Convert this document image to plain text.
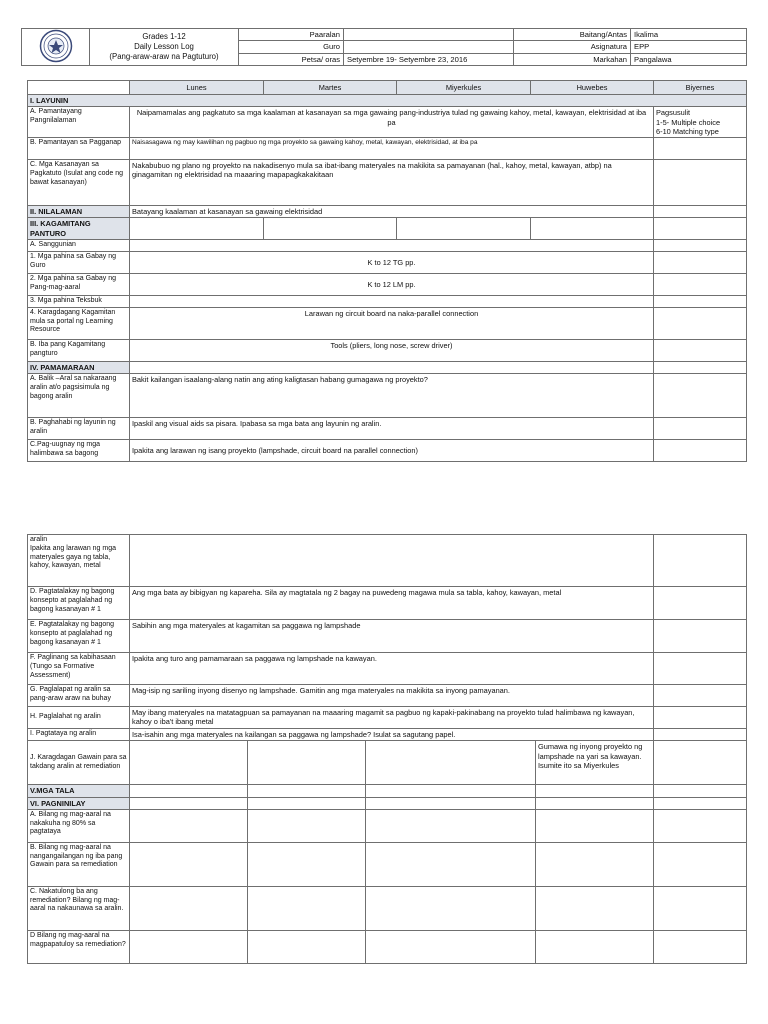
Grades 1-12
Daily Lesson Log
(Pang-araw-araw na Pagtuturo)	Paaralan		Baitang/Antas	Ikalima
		Guro		Asignatura	EPP
		Petsa/ oras	Setyembre 19- Setyembre 23, 2016	Markahan	Pangalawa
	Lunes	Martes	Miyerkules	Huwebes	Biyernes
I. LAYUNIN					
A. Pamantayang Pangnilalaman	Naipamamalas ang pagkatuto sa mga kaalaman at kasanayan sa mga gawaing pang-industriya tulad ng gawaing kahoy, metal, kawayan, elektrisidad at iba pa				Pagsusulit
1-5- Multiple choice
6-10 Matching type
B. Pamantayan sa Pagganap	Naisasagawa ng may kawilihan ng pagbuo ng mga proyekto sa gawaing kahoy, metal, kawayan, elektrisidad, at iba pa				
C. Mga Kasanayan sa Pagkatuto (Isulat ang code ng bawat kasanayan)	Nakabubuo ng plano ng proyekto na nakadisenyo mula sa ibat-ibang materyales na makikita sa pamayanan (hal., kahoy, metal, kawayan, atbp) na ginagamitan ng elektrisidad na maaaring mapapagkakakitaan				
II. NILALAMAN	Batayang kaalaman at kasanayan sa gawaing elektrisidad				
III. KAGAMITANG PANTURO					
A. Sanggunian					
1. Mga pahina sa Gabay ng Guro	K to 12 TG pp.				
2. Mga pahina sa Gabay ng Pang-mag-aaral	K to 12 LM pp.				
3. Mga pahina Teksbuk					
4. Karagdagang Kagamitan mula sa portal ng Learning Resource	Larawan ng circuit board na naka-parallel connection				
B. Iba pang Kagamitang pangturo	Tools (pliers, long nose, screw driver)				
IV. PAMAMARAAN					
A. Balik –Aral sa nakaraang aralin at/o pagsisimula ng bagong aralin	Bakit kailangan isaalang-alang natin ang ating kaligtasan habang gumagawa ng proyekto?				
B. Paghahabi ng layunin ng aralin	Ipaskil ang visual aids sa pisara. Ipabasa sa mga bata ang layunin ng aralin.				
C.Pag-uugnay ng mga halimbawa sa bagong	Ipakita ang larawan ng isang proyekto (lampshade, circuit board na parallel connection)				
aralin
Ipakita ang larawan ng mga materyales gaya ng tabla, kahoy, kawayan, metal					
D. Pagtatalakay ng bagong konsepto at paglalahad ng bagong kasanayan # 1	Ang mga bata ay bibigyan ng kapareha. Sila ay magtatala ng 2 bagay na puwedeng magawa mula sa tabla, kahoy, kawayan, metal				
E. Pagtatalakay ng bagong konsepto at paglalahad ng bagong kasanayan # 1	Sabihin ang mga materyales at kagamitan sa paggawa ng lampshade				
F. Paglinang sa kabihasaan (Tungo sa Formative Assessment)	Ipakita ang turo ang pamamaraan sa paggawa ng lampshade na kawayan.				
G. Paglalapat ng aralin sa pang-araw araw na buhay	Mag-isip ng sariling inyong disenyo ng lampshade. Gamitin ang mga materyales na makikita sa inyong pamayanan.				
H. Paglalahat ng aralin	May ibang materyales na matatagpuan sa pamayanan na maaaring magamit sa pagbuo ng kapaki-pakinabang na proyekto tulad halimbawa ng kawayan, kahoy o iba't ibang metal				
I. Pagtataya ng aralin	Isa-isahin ang mga materyales na kailangan sa paggawa ng lampshade? Isulat sa sagutang papel.				
J. Karagdagan Gawain para sa takdang aralin at remediation				Gumawa ng inyong proyekto ng lampshade na yari sa kawayan. Isumite ito sa Miyerkules	
V.MGA TALA					
VI. PAGNINILAY					
A. Bilang ng mag-aaral na nakakuha ng 80% sa pagtataya					
B. Bilang ng mag-aaral na nangangailangan ng iba pang Gawain para sa remediation					
C. Nakatulong ba ang remediation? Bilang ng mag-aaral na nakaunawa sa aralin.					
D Bilang ng mag-aaral na magpapatuloy sa remediation?					
